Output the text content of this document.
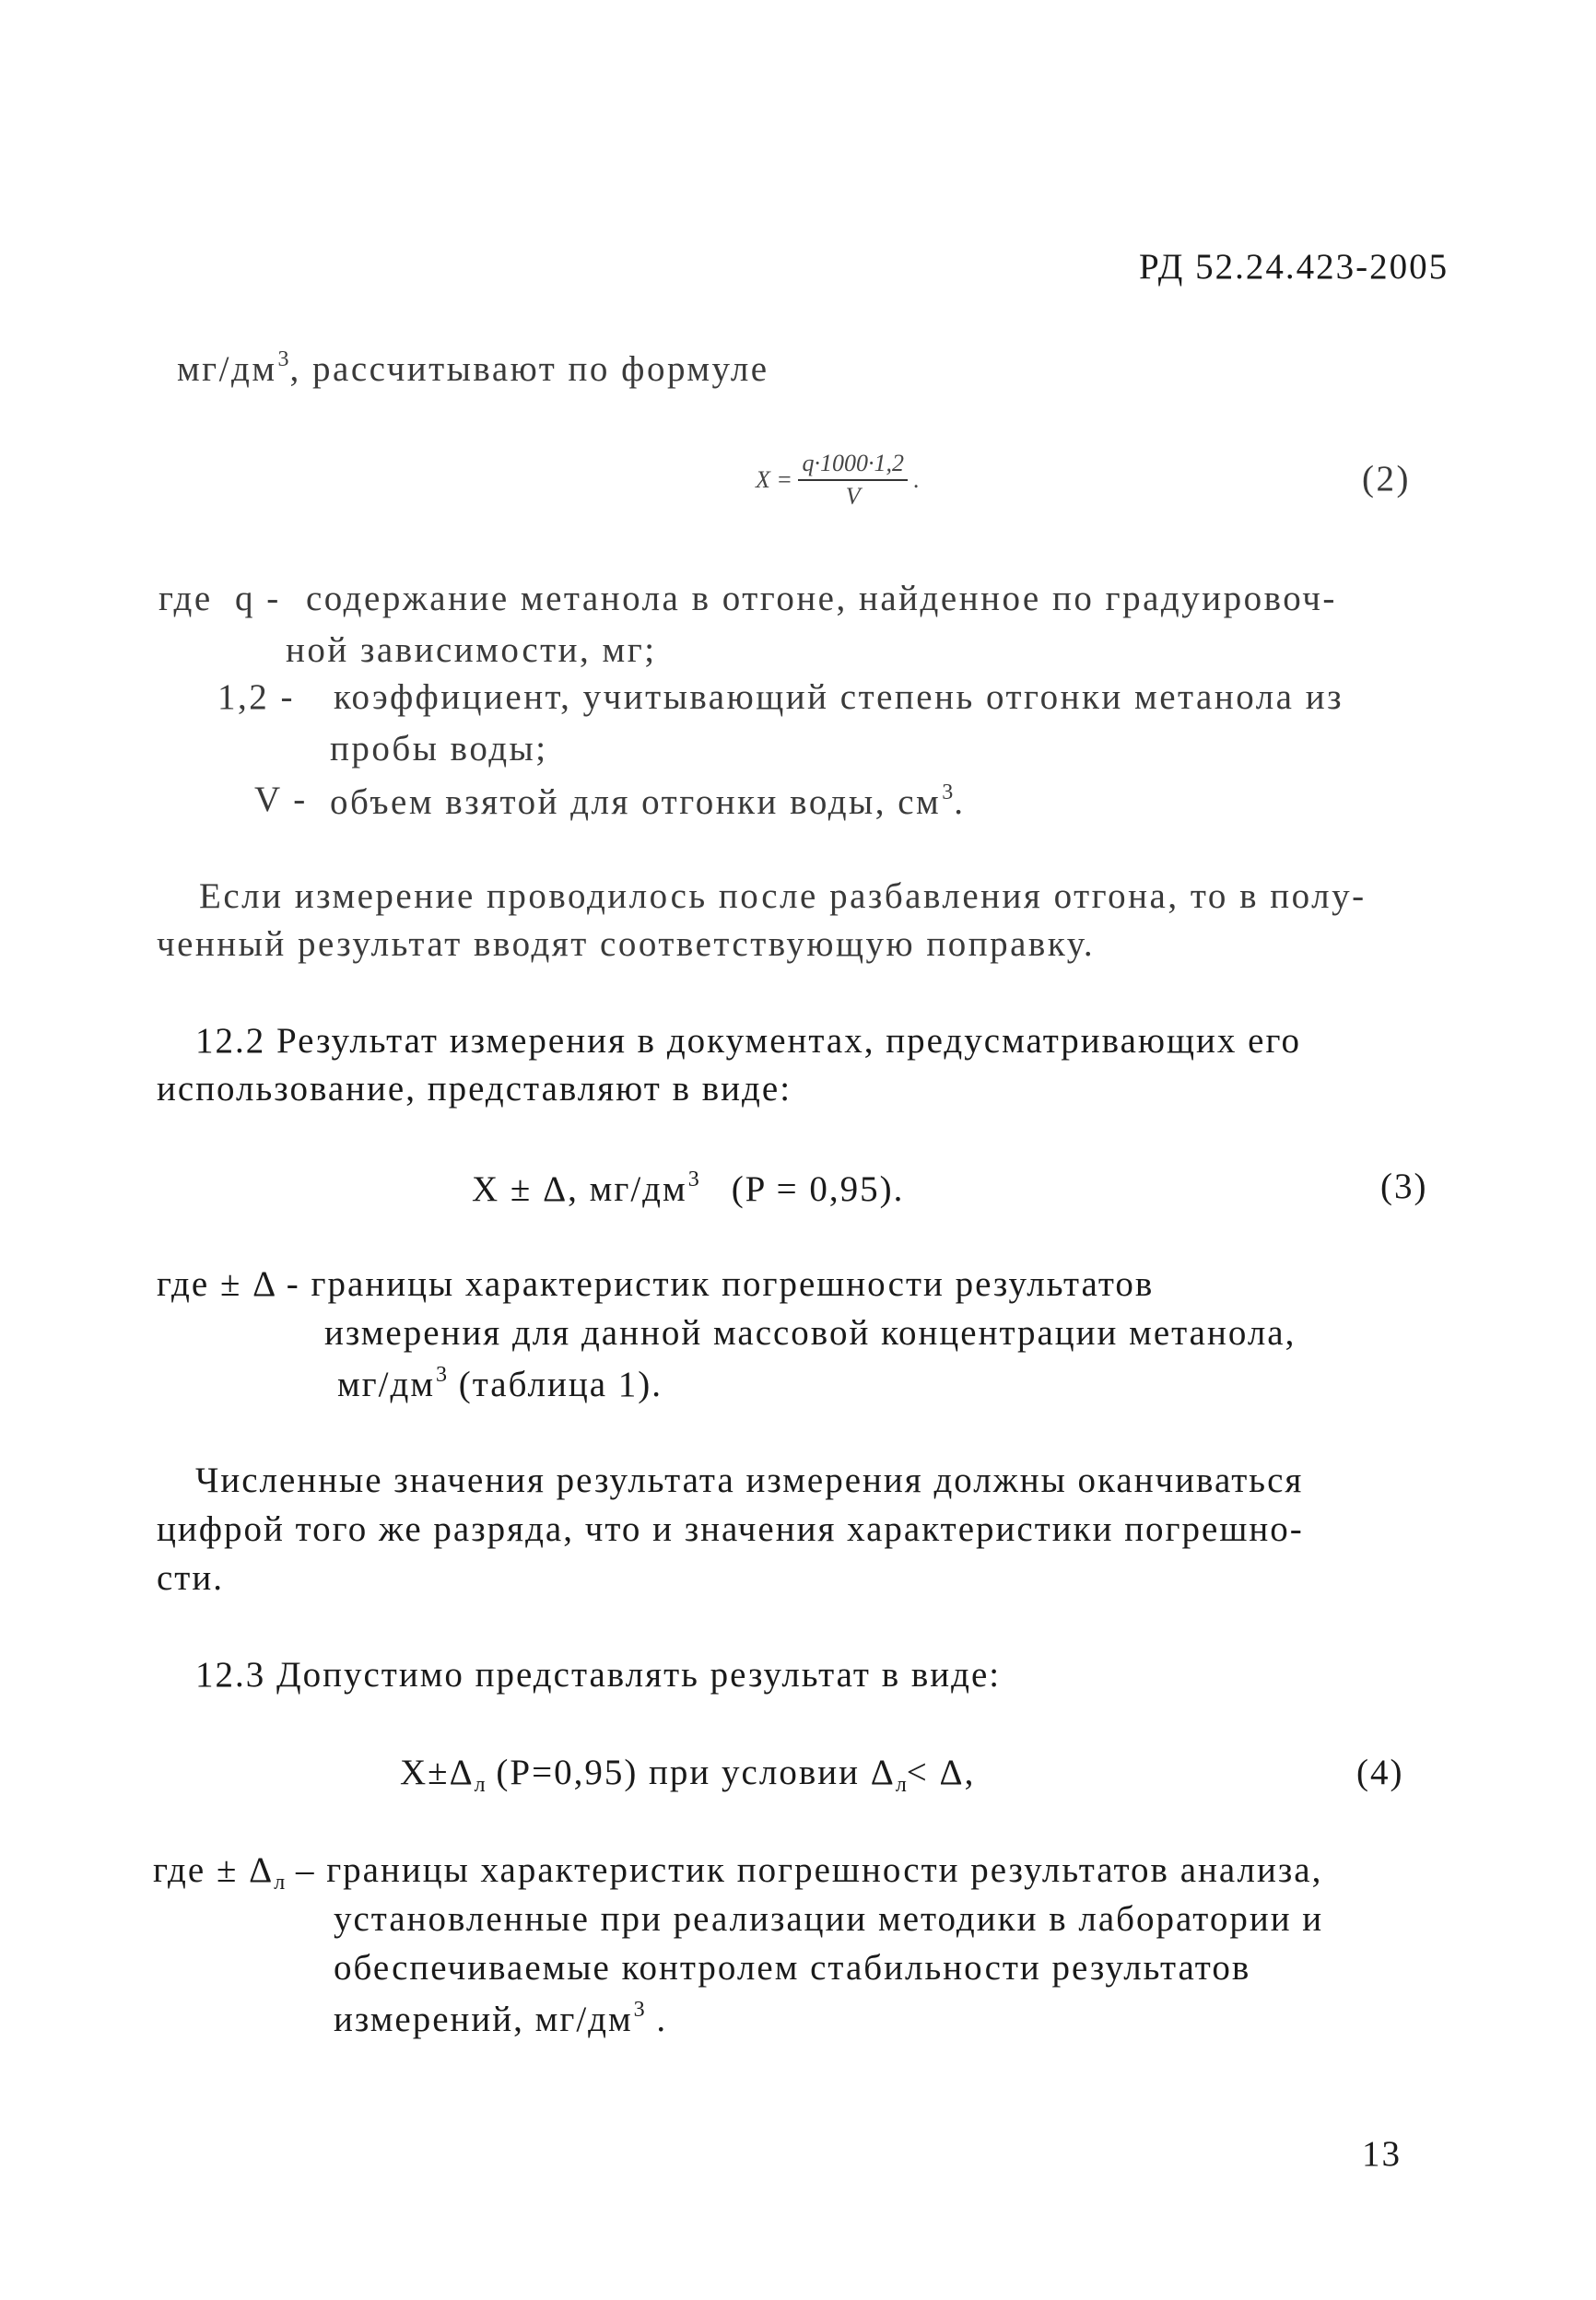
РД 52.24.423-2005
$мг/дм^3$, рассчитывают по формуле
$X = \frac{q\cdot 1000\cdot 1,2}{V}$ .	(2)
где q - содержание метанола в отгоне, найденное по градуировоч-
ной зависимости, мг;
1,2 - коэффициент, учитывающий степень отгонки метанола из
пробы воды;
V - объем взятой для отгонки воды, $см^3$.
Если измерение проводилось после разбавления отгона, то в полу-
ченный результат вводят соответствующую поправку.
12.2 Результат измерения в документах, предусматривающих его
использование, представляют в виде:
X ± Δ, $мг/дм^3$ (P = 0,95).	(3)
где ± Δ - границы характеристик погрешности результатов
измерения для данной массовой концентрации метанола,
$мг/дм^3$ (таблица 1).
Численные значения результата измерения должны оканчиваться
цифрой того же разряда, что и значения характеристики погрешно-
сти.
12.3 Допустимо представлять результат в виде:
$X\pm\Delta_л$ (P=0,95) при условии $\Delta_л< \Delta$,	(4)
где ± $\Delta_л$ – границы характеристик погрешности результатов анализа,
установленные при реализации методики в лаборатории и
обеспечиваемые контролем стабильности результатов
измерений, $мг/дм^3$ .
13
